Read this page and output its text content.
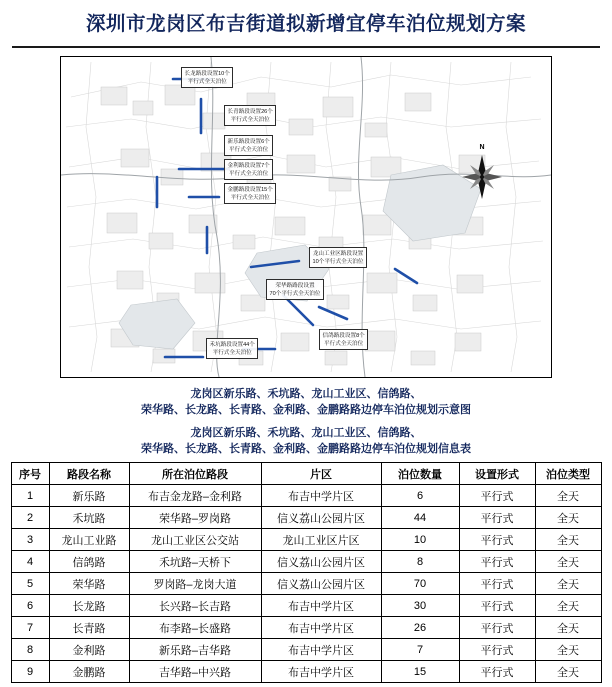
深圳市龙岗区布吉街道拟新增宜停车泊位规划方案
N
长龙路段设置10个
平行式全天泊位
长青路段设置26个
平行式全天泊位
新乐路段设置6个
平行式全天泊位
金利路段设置7个
平行式全天泊位
金鹏路段设置15个
平行式全天泊位
龙山工业区路段设置
10个平行式全天泊位
荣华路路段设置
70个平行式全天泊位
信鸽路段设置8个
平行式全天泊位
禾坑路段设置44个
平行式全天泊位
龙岗区新乐路、禾坑路、龙山工业区、信鸽路、
荣华路、长龙路、长青路、金利路、金鹏路路边停车泊位规划示意图
龙岗区新乐路、禾坑路、龙山工业区、信鸽路、
荣华路、长龙路、长青路、金利路、金鹏路路边停车泊位规划信息表
序号	路段名称	所在泊位路段	片区	泊位数量	设置形式	泊位类型
1	新乐路	布吉金龙路–金利路	布吉中学片区	6	平行式	全天
2	禾坑路	荣华路–罗岗路	信义荔山公园片区	44	平行式	全天
3	龙山工业路	龙山工业区公交站	龙山工业区片区	10	平行式	全天
4	信鸽路	禾坑路–天桥下	信义荔山公园片区	8	平行式	全天
5	荣华路	罗岗路–龙岗大道	信义荔山公园片区	70	平行式	全天
6	长龙路	长兴路–长吉路	布吉中学片区	30	平行式	全天
7	长青路	布李路–长盛路	布吉中学片区	26	平行式	全天
8	金利路	新乐路–吉华路	布吉中学片区	7	平行式	全天
9	金鹏路	吉华路–中兴路	布吉中学片区	15	平行式	全天
